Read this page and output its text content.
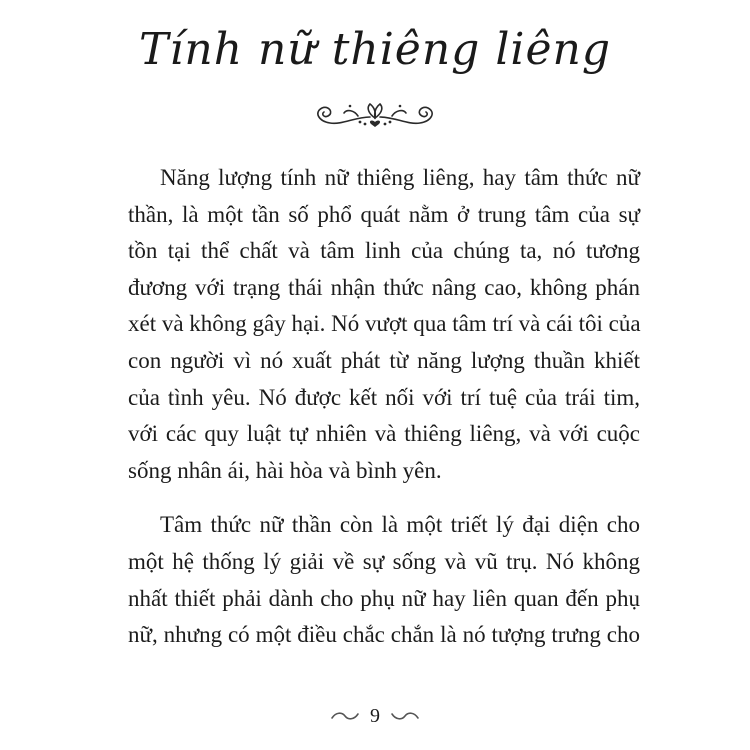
Tính nữ thiêng liêng

Năng lượng tính nữ thiêng liêng, hay tâm thức nữ
thần, là một tần số phổ quát nằm ở trung tâm của sự
tồn tại thể chất và tâm linh của chúng ta, nó tương
đương với trạng thái nhận thức nâng cao, không phán
xét và không gây hại. Nó vượt qua tâm trí và cái tôi của
con người vì nó xuất phát từ năng lượng thuần khiết
của tình yêu. Nó được kết nối với trí tuệ của trái tim,
với các quy luật tự nhiên và thiêng liêng, và với cuộc
sống nhân ái, hài hòa và bình yên.

Tâm thức nữ thần còn là một triết lý đại diện cho
một hệ thống lý giải về sự sống và vũ trụ. Nó không
nhất thiết phải dành cho phụ nữ hay liên quan đến phụ
nữ, nhưng có một điều chắc chắn là nó tượng trưng cho

9
